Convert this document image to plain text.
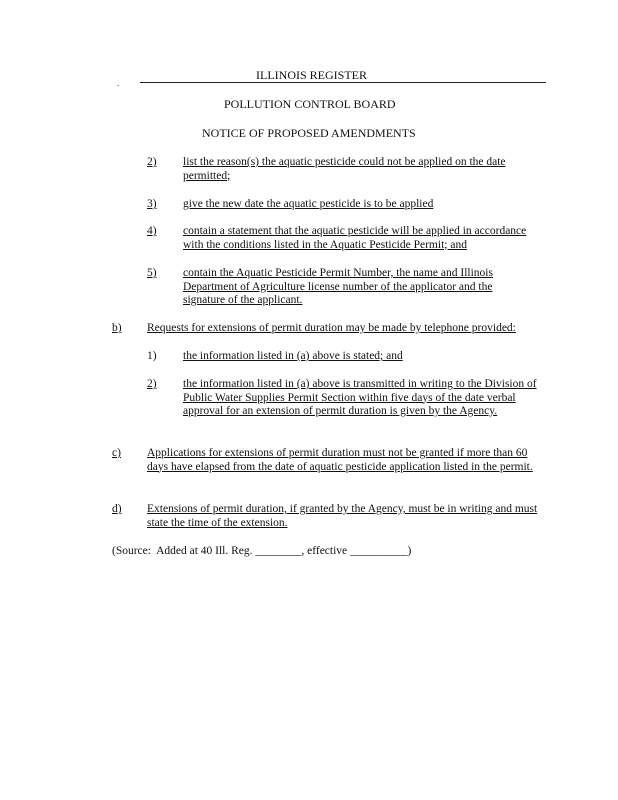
.
ILLINOIS REGISTER
POLLUTION CONTROL BOARD
NOTICE OF PROPOSED AMENDMENTS
2) list the reason(s) the aquatic pesticide could not be applied on the date permitted;
3) give the new date the aquatic pesticide is to be applied
4) contain a statement that the aquatic pesticide will be applied in accordance with the conditions listed in the Aquatic Pesticide Permit; and
5) contain the Aquatic Pesticide Permit Number, the name and Illinois Department of Agriculture license number of the applicator and the signature of the applicant.
b) Requests for extensions of permit duration may be made by telephone provided:
1) the information listed in (a) above is stated; and
2) the information listed in (a) above is transmitted in writing to the Division of Public Water Supplies Permit Section within five days of the date verbal approval for an extension of permit duration is given by the Agency.
c) Applications for extensions of permit duration must not be granted if more than 60 days have elapsed from the date of aquatic pesticide application listed in the permit.
d) Extensions of permit duration, if granted by the Agency, must be in writing and must state the time of the extension.
(Source:  Added at 40 Ill. Reg. ________, effective __________)
